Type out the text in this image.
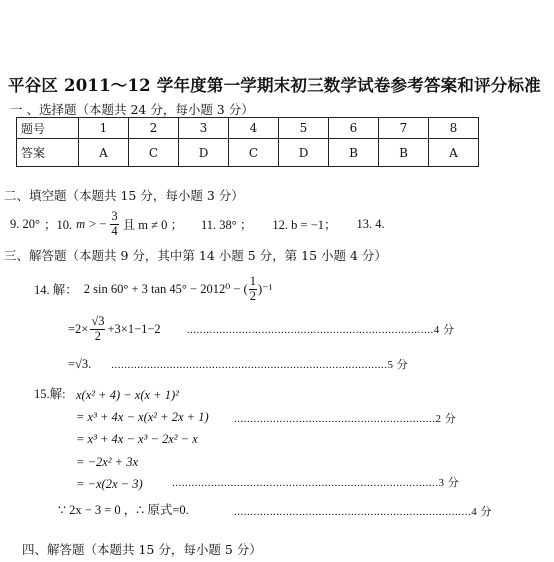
平谷区 2011～12 学年度第一学期末初三数学试卷参考答案和评分标准
一 、选择题（本题共 24 分，每小题 3 分）
题号	1	2	3	4	5	6	7	8
答案	A	C	D	C	D	B	B	A
二、填空题（本题共 15 分，每小题 3 分）
9. 20° ；10. m > − $\frac{3}{4}$ 且 m ≠ 0 ； 11. 38° ； 12. b = −1； 13. 4.
三、解答题（本题共 9 分，其中第 14 小题 5 分，第 15 小题 4 分）
14. 解： 2 sin 60° + 3 tan 45° − 2012⁰ − ( $\frac{1}{2} )^{-1}$
$=2\times \frac{√3}{2} +3\times 1-1-2$ ............................................................................4 分
=√3. .....................................................................................5 分
15.解: x(x² + 4) − x(x + 1)²
= x³ + 4x − x(x² + 2x + 1) ..............................................................2 分
= x³ + 4x − x³ − 2x² − x
= −2x² + 3x
= −x(2x − 3)	..................................................................................3 分
∵ 2x − 3 = 0 ，∴ 原式=0.	.........................................................................4 分
四、解答题（本题共 15 分，每小题 5 分）
